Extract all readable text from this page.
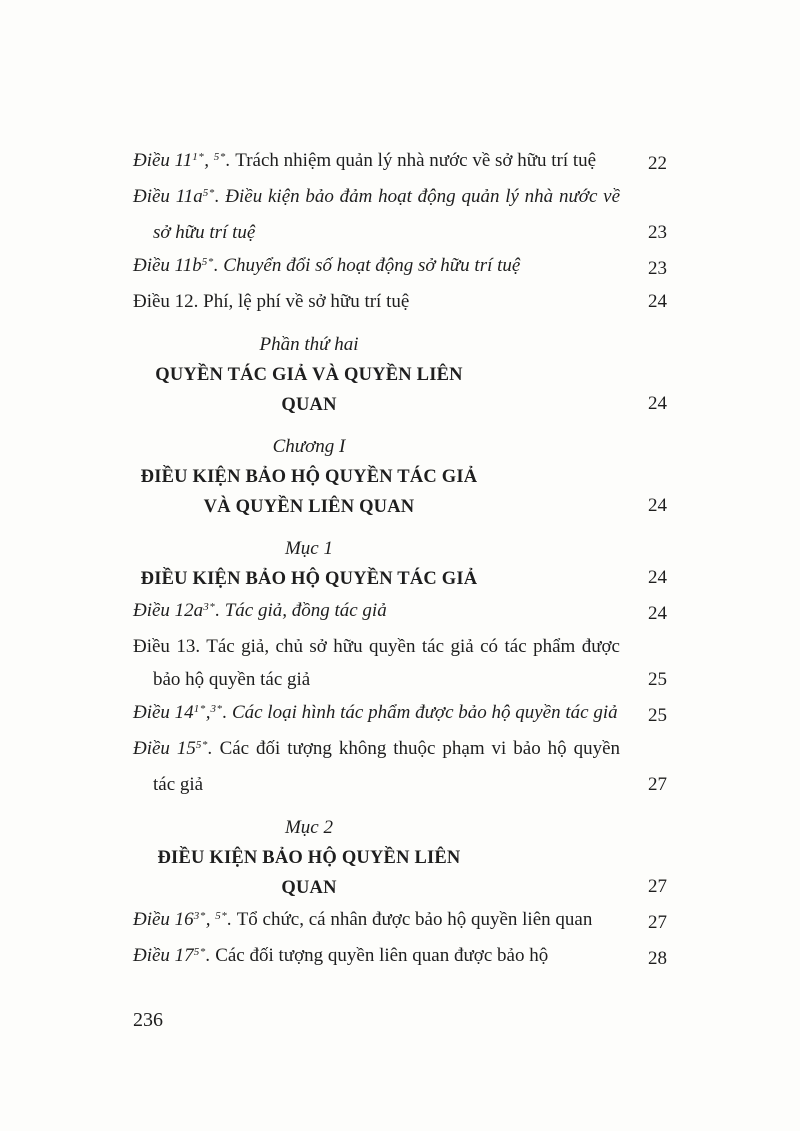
Điều $11^{1*}$, $^{5*}$. Trách nhiệm quản lý nhà nước về sở hữu trí tuệ	22
Điều $11a^{5*}$. Điều kiện bảo đảm hoạt động quản lý nhà nước về sở hữu trí tuệ	23
Điều $11b^{5*}$. Chuyển đổi số hoạt động sở hữu trí tuệ	23
Điều 12. Phí, lệ phí về sở hữu trí tuệ	24
Phần thứ hai
QUYỀN TÁC GIẢ VÀ QUYỀN LIÊN QUAN	24
Chương I
ĐIỀU KIỆN BẢO HỘ QUYỀN TÁC GIẢ
VÀ QUYỀN LIÊN QUAN	24
Mục 1
ĐIỀU KIỆN BẢO HỘ QUYỀN TÁC GIẢ	24
Điều $12a^{3*}$. Tác giả, đồng tác giả	24
Điều 13. Tác giả, chủ sở hữu quyền tác giả có tác phẩm được bảo hộ quyền tác giả	25
Điều $14^{1*},^{3*}$. Các loại hình tác phẩm được bảo hộ quyền tác giả	25
Điều $15^{5*}$. Các đối tượng không thuộc phạm vi bảo hộ quyền tác giả	27
Mục 2
ĐIỀU KIỆN BẢO HỘ QUYỀN LIÊN QUAN	27
Điều $16^{3*}$, $^{5*}$. Tổ chức, cá nhân được bảo hộ quyền liên quan	27
Điều $17^{5*}$. Các đối tượng quyền liên quan được bảo hộ	28
236
